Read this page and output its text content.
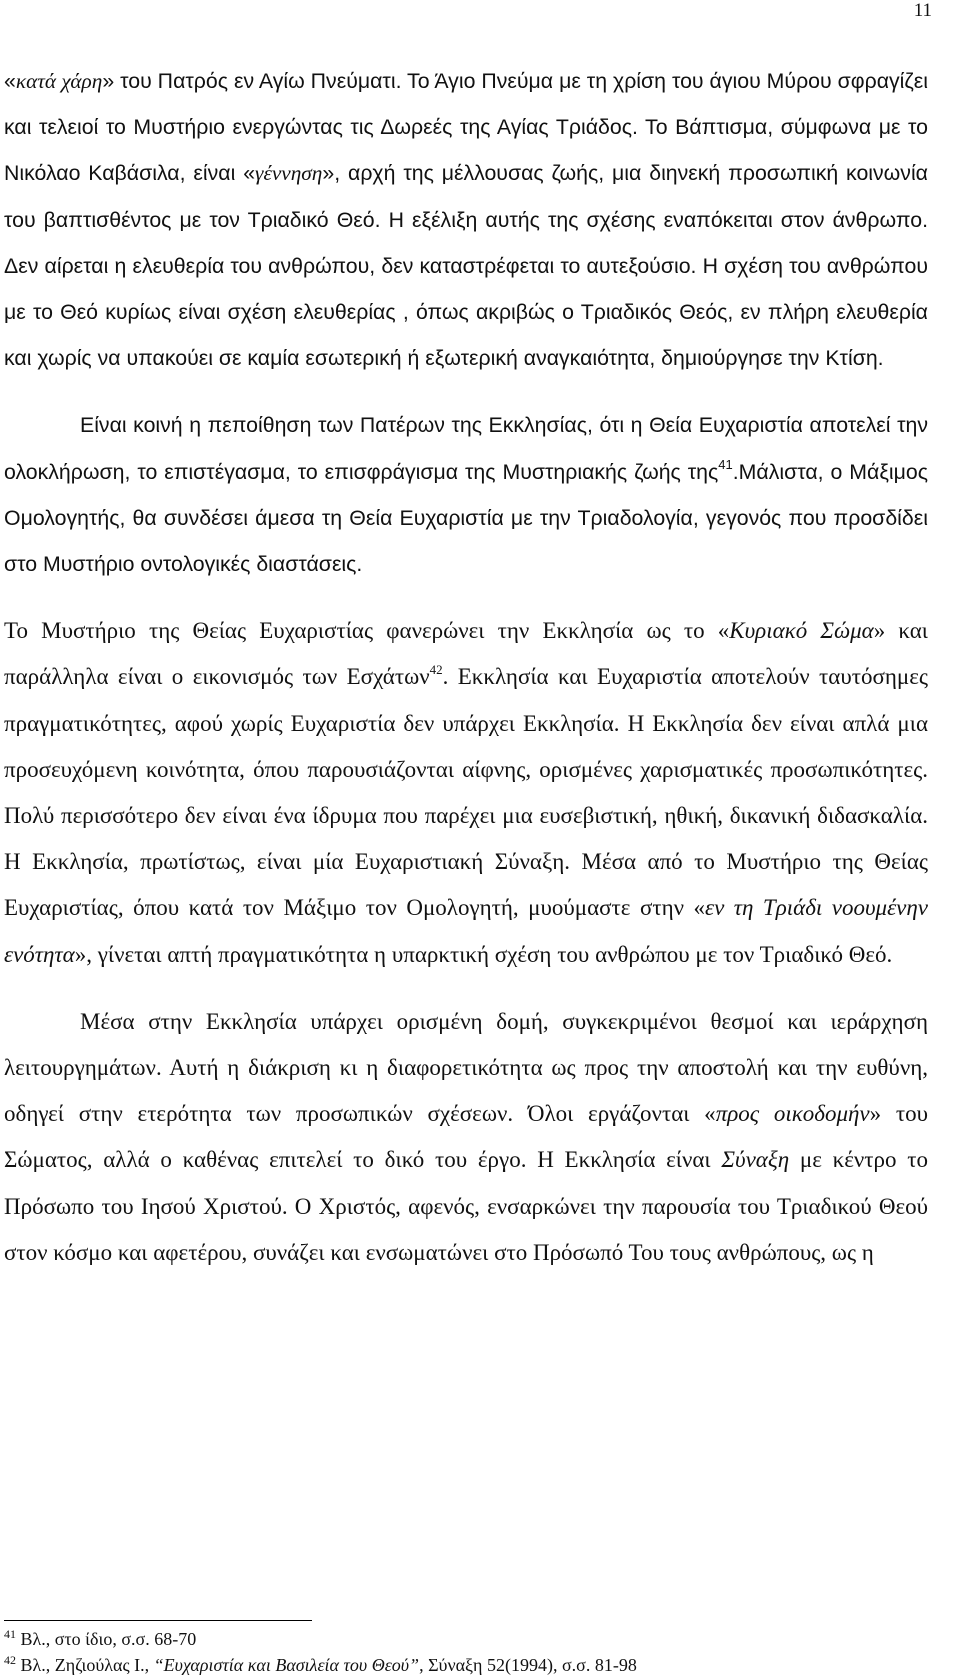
11

«κατά χάρη» του Πατρός εν Αγίω Πνεύματι. Το Άγιο Πνεύμα με τη χρίση του άγιου Μύρου σφραγίζει και τελειοί το Μυστήριο ενεργώντας τις Δωρεές της Αγίας Τριάδος. Το Βάπτισμα, σύμφωνα με το Νικόλαο Καβάσιλα, είναι «γέννηση», αρχή της μέλλουσας ζωής, μια διηνεκή προσωπική κοινωνία του βαπτισθέντος με τον Τριαδικό Θεό. Η εξέλιξη αυτής της σχέσης εναπόκειται στον άνθρωπο. Δεν αίρεται η ελευθερία του ανθρώπου, δεν καταστρέφεται το αυτεξούσιο. Η σχέση του ανθρώπου με το Θεό κυρίως είναι σχέση ελευθερίας , όπως ακριβώς ο Τριαδικός Θεός, εν πλήρη ελευθερία και χωρίς να υπακούει σε καμία εσωτερική ή εξωτερική αναγκαιότητα, δημιούργησε την Κτίση.

Είναι κοινή η πεποίθηση των Πατέρων της Εκκλησίας, ότι η Θεία Ευχαριστία αποτελεί την ολοκλήρωση, το επιστέγασμα, το επισφράγισμα της Μυστηριακής ζωής της$^{41}$.Μάλιστα, ο Μάξιμος Ομολογητής, θα συνδέσει άμεσα τη Θεία Ευχαριστία με την Τριαδολογία, γεγονός που προσδίδει στο Μυστήριο οντολογικές διαστάσεις.

Το Μυστήριο της Θείας Ευχαριστίας φανερώνει την Εκκλησία ως το «Κυριακό Σώμα» και παράλληλα είναι ο εικονισμός των Εσχάτων$^{42}$. Εκκλησία και Ευχαριστία αποτελούν ταυτόσημες πραγματικότητες, αφού χωρίς Ευχαριστία δεν υπάρχει Εκκλησία. Η Εκκλησία δεν είναι απλά μια προσευχόμενη κοινότητα, όπου παρουσιάζονται αίφνης, ορισμένες χαρισματικές προσωπικότητες. Πολύ περισσότερο δεν είναι ένα ίδρυμα που παρέχει μια ευσεβιστική, ηθική, δικανική διδασκαλία. Η Εκκλησία, πρωτίστως, είναι μία Ευχαριστιακή Σύναξη. Μέσα από το Μυστήριο της Θείας Ευχαριστίας, όπου κατά τον Μάξιμο τον Ομολογητή, μυούμαστε στην «εν τη Τριάδι νοουμένην ενότητα», γίνεται απτή πραγματικότητα η υπαρκτική σχέση του ανθρώπου με τον Τριαδικό Θεό.

Μέσα στην Εκκλησία υπάρχει ορισμένη δομή, συγκεκριμένοι θεσμοί και ιεράρχηση λειτουργημάτων. Αυτή η διάκριση κι η διαφορετικότητα ως προς την αποστολή και την ευθύνη, οδηγεί στην ετερότητα των προσωπικών σχέσεων. Όλοι εργάζονται «προς οικοδομήν» του Σώματος, αλλά ο καθένας επιτελεί το δικό του έργο. Η Εκκλησία είναι Σύναξη με κέντρο το Πρόσωπο του Ιησού Χριστού. Ο Χριστός, αφενός, ενσαρκώνει την παρουσία του Τριαδικού Θεού στον κόσμο και αφετέρου, συνάζει και ενσωματώνει στο Πρόσωπό Του τους ανθρώπους, ως η

$^{41}$ Βλ., στο ίδιο, σ.σ. 68-70
$^{42}$ Βλ., Ζηζιούλας Ι., “Ευχαριστία και Βασιλεία του Θεού”, Σύναξη 52(1994), σ.σ. 81-98
